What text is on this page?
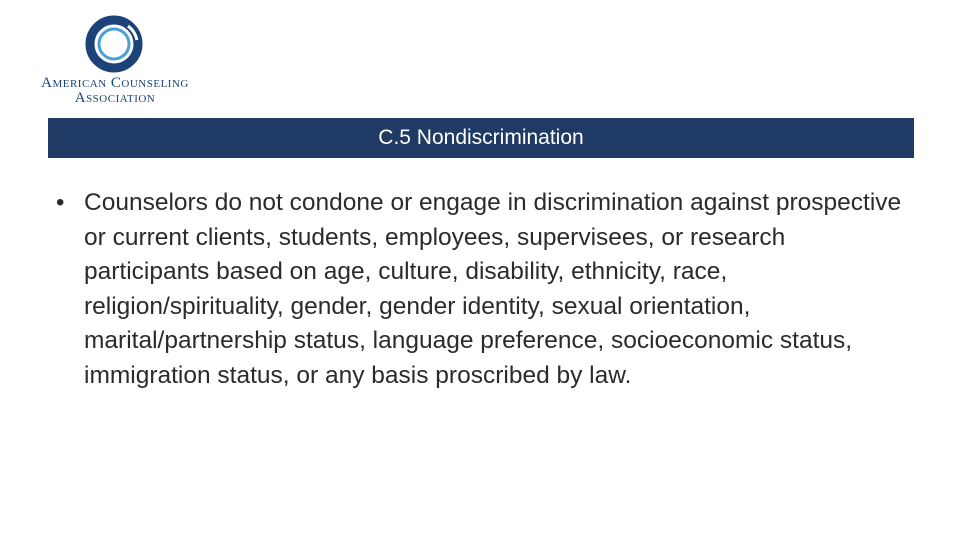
American Counseling
Association
C.5 Nondiscrimination
• Counselors do not condone or engage in discrimination against prospective or current clients, students, employees, supervisees, or research participants based on age, culture, disability, ethnicity, race, religion/spirituality, gender, gender identity, sexual orientation, marital/partnership status, language preference, socioeconomic status, immigration status, or any basis proscribed by law.
